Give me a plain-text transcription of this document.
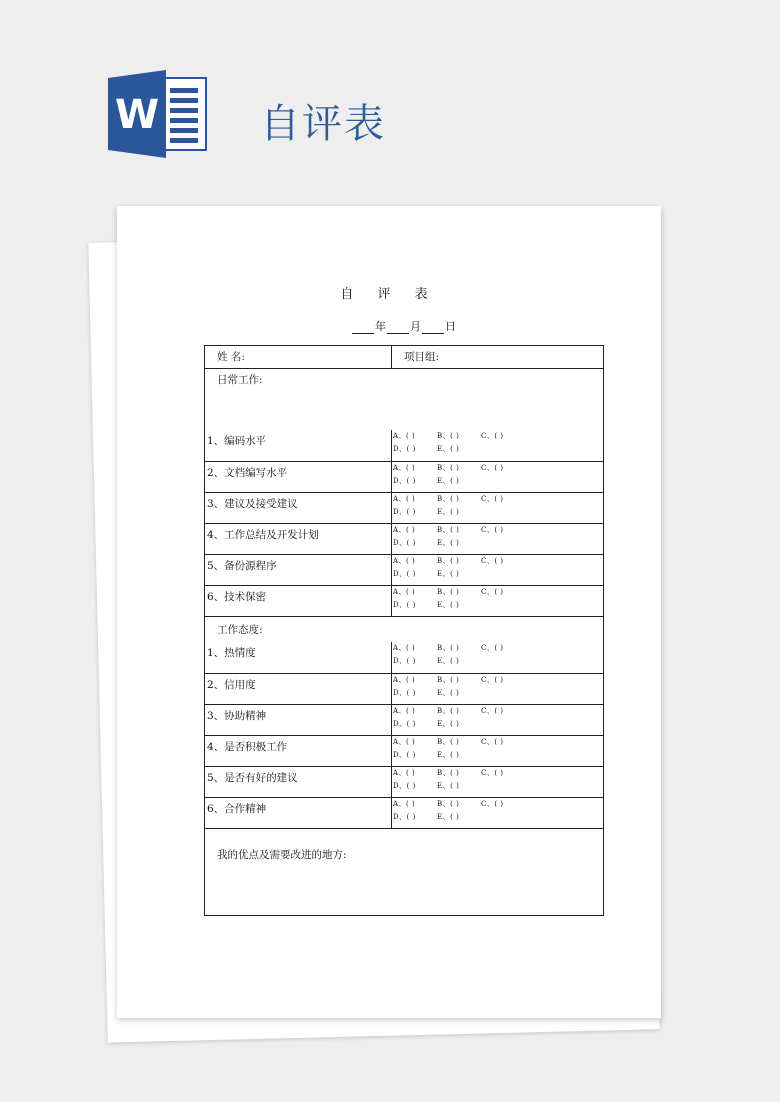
W	自评表
自 评 表
年 月 日
姓 名:	项目组:
日常工作:
1、编码水平	A、( )	B、( )	C、( )
D、( )	E、( )
2、文档编写水平	A、( )	B、( )	C、( )
D、( )	E、( )
3、建议及接受建议	A、( )	B、( )	C、( )
D、( )	E、( )
4、工作总结及开发计划	A、( )	B、( )	C、( )
D、( )	E、( )
5、备份源程序	A、( )	B、( )	C、( )
D、( )	E、( )
6、技术保密	A、( )	B、( )	C、( )
D、( )	E、( )
工作态度:
1、热情度	A、( )	B、( )	C、( )
D、( )	E、( )
2、信用度	A、( )	B、( )	C、( )
D、( )	E、( )
3、协助精神	A、( )	B、( )	C、( )
D、( )	E、( )
4、是否积极工作	A、( )	B、( )	C、( )
D、( )	E、( )
5、是否有好的建议	A、( )	B、( )	C、( )
D、( )	E、( )
6、合作精神	A、( )	B、( )	C、( )
D、( )	E、( )
我的优点及需要改进的地方:
